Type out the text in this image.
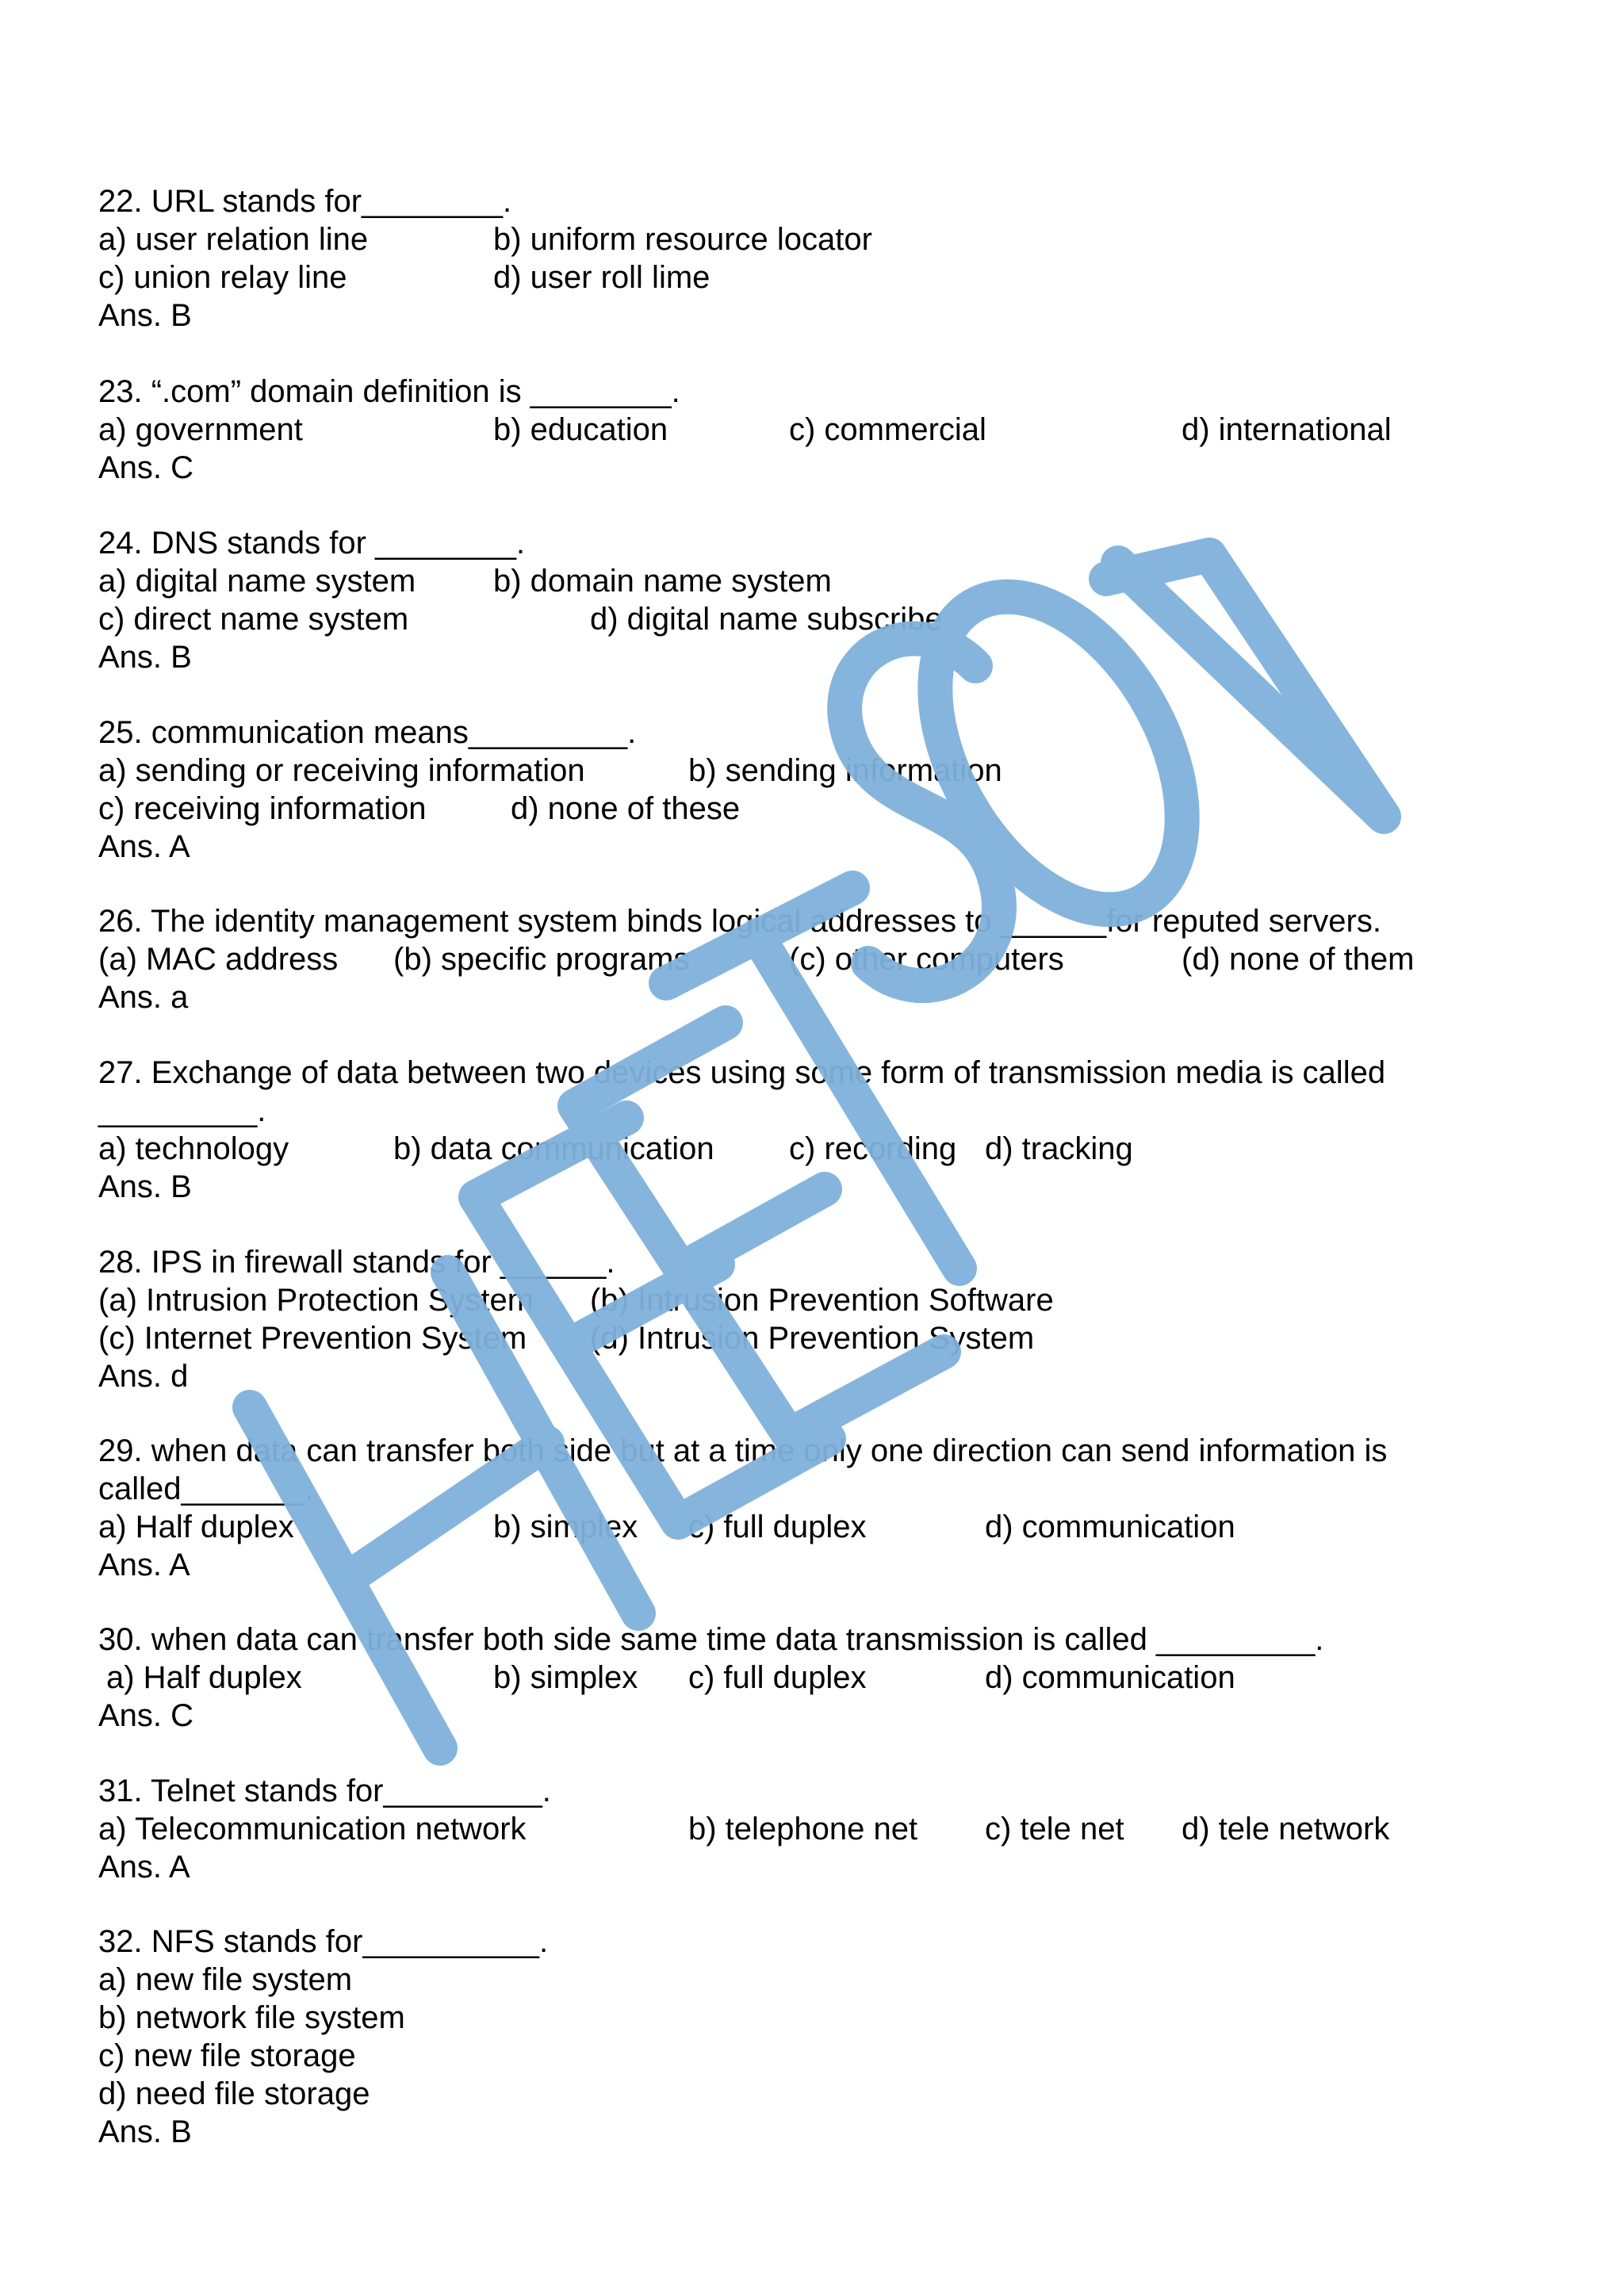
22. URL stands for________.
a) user relation line	b) uniform resource locator
c) union relay line	d) user roll lime
Ans. B
23. “.com” domain definition is ________.
a) government	b) education	c) commercial	d) international
Ans. C
24. DNS stands for ________.
a) digital name system b) domain name system
c) direct name system	d) digital name subscribe
Ans. B
25. communication means_________.
a) sending or receiving information	b) sending information
c) receiving information	d) none of these
Ans. A
26. The identity management system binds logical addresses to ______for reputed servers.
(a) MAC address (b) specific programs	(c) other computers	(d) none of them
Ans. a
27. Exchange of data between two devices using some form of transmission media is called
_________.
a) technology	b) data communication c) recording d) tracking
Ans. B
28. IPS in firewall stands for ______.
(a) Intrusion Protection System (b) Intrusion Prevention Software
(c) Internet Prevention System (d) Intrusion Prevention System
Ans. d
29. when data can transfer both side but at a time only one direction can send information is
called_______.
a) Half duplex	b) simplex c) full duplex	d) communication
Ans. A
30. when data can transfer both side same time data transmission is called _________.
a) Half duplex	b) simplex c) full duplex	d) communication
Ans. C
31. Telnet stands for_________.
a) Telecommunication network	b) telephone net c) tele net d) tele network
Ans. A
32. NFS stands for__________.
a) new file system
b) network file system
c) new file storage
d) need file storage
Ans. B
